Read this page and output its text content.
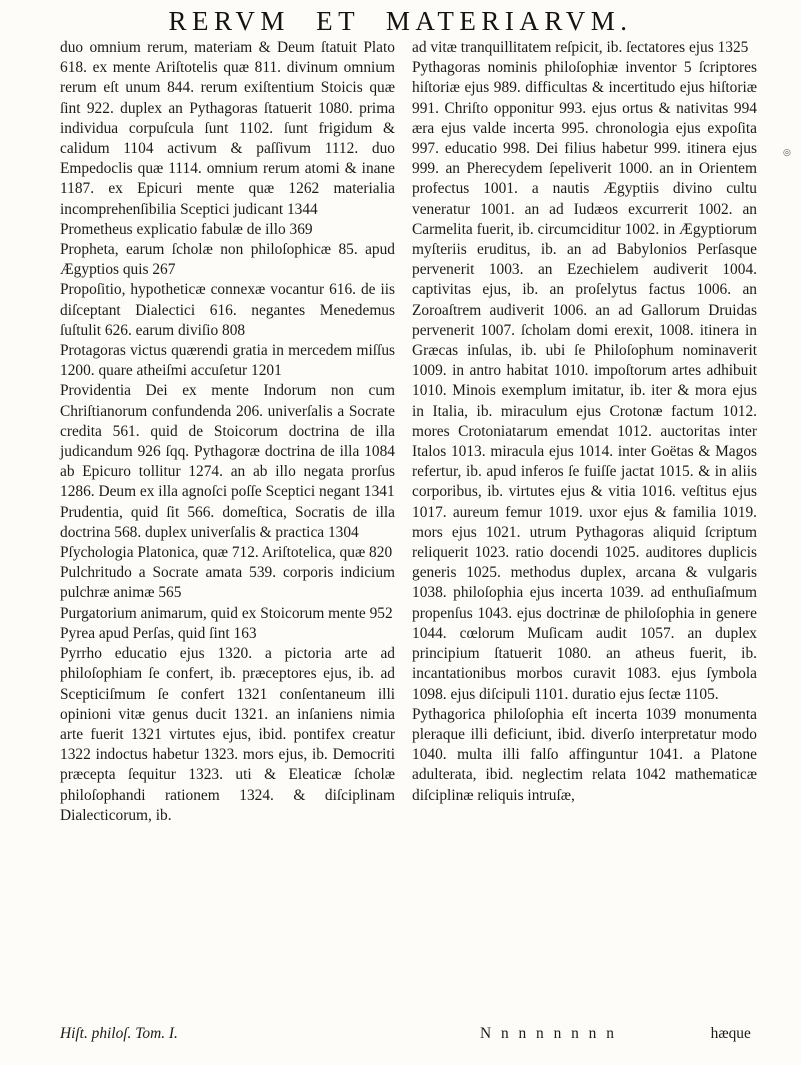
RERVM ET MATERIARVM.
duo omnium rerum, materiam & Deum ſtatuit Plato 618. ex mente Ariſtotelis quæ 811. divinum omnium rerum eſt unum 844. rerum exiſtentium Stoicis quæ ſint 922. duplex an Pythagoras ſtatuerit 1080. prima individua corpuſcula ſunt 1102. ſunt frigidum & calidum 1104 activum & paſſivum 1112. duo Empedoclis quæ 1114. omnium rerum atomi & inane 1187. ex Epicuri mente quæ 1262 materialia incomprehenſibilia Sceptici judicant 1344
Prometheus explicatio fabulæ de illo 369
Propheta, earum ſcholæ non philoſophicæ 85. apud Ægyptios quis 267
Propoſitio, hypotheticæ connexæ vocantur 616. de iis diſceptant Dialectici 616. negantes Menedemus ſuſtulit 626. earum diviſio 808
Protagoras victus quærendi gratia in mercedem miſſus 1200. quare atheiſmi accuſetur 1201
Providentia Dei ex mente Indorum non cum Chriſtianorum confundenda 206. univerſalis a Socrate credita 561. quid de Stoicorum doctrina de illa judicandum 926 ſqq. Pythagoræ doctrina de illa 1084 ab Epicuro tollitur 1274. an ab illo negata prorſus 1286. Deum ex illa agnoſci poſſe Sceptici negant 1341
Prudentia, quid ſit 566. domeſtica, Socratis de illa doctrina 568. duplex univerſalis & practica 1304
Pſychologia Platonica, quæ 712. Ariſtotelica, quæ 820
Pulchritudo a Socrate amata 539. corporis indicium pulchræ animæ 565
Purgatorium animarum, quid ex Stoicorum mente 952
Pyrea apud Perſas, quid ſint 163
Pyrrho educatio ejus 1320. a pictoria arte ad philoſophiam ſe confert, ib. præceptores ejus, ib. ad Scepticiſmum ſe confert 1321 conſentaneum illi opinioni vitæ genus ducit 1321. an inſaniens nimia arte fuerit 1321 virtutes ejus, ibid. pontifex creatur 1322 indoctus habetur 1323. mors ejus, ib. Democriti præcepta ſequitur 1323. uti & Eleaticæ ſcholæ philoſophandi rationem 1324. & diſciplinam Dialecticorum, ib.
ad vitæ tranquillitatem reſpicit, ib. ſectatores ejus 1325
Pythagoras nominis philoſophiæ inventor 5 ſcriptores hiſtoriæ ejus 989. difficultas & incertitudo ejus hiſtoriæ 991. Chriſto opponitur 993. ejus ortus & nativitas 994 æra ejus valde incerta 995. chronologia ejus expoſita 997. educatio 998. Dei filius habetur 999. itinera ejus 999. an Pherecydem ſepeliverit 1000. an in Orientem profectus 1001. a nautis Ægyptiis divino cultu veneratur 1001. an ad Iudæos excurrerit 1002. an Carmelita fuerit, ib. circumciditur 1002. in Ægyptiorum myſteriis eruditus, ib. an ad Babylonios Perſasque pervenerit 1003. an Ezechielem audiverit 1004. captivitas ejus, ib. an proſelytus factus 1006. an Zoroaſtrem audiverit 1006. an ad Gallorum Druidas pervenerit 1007. ſcholam domi erexit, 1008. itinera in Græcas inſulas, ib. ubi ſe Philoſophum nominaverit 1009. in antro habitat 1010. impoſtorum artes adhibuit 1010. Minois exemplum imitatur, ib. iter & mora ejus in Italia, ib. miraculum ejus Crotonæ factum 1012. mores Crotoniatarum emendat 1012. auctoritas inter Italos 1013. miracula ejus 1014. inter Goëtas & Magos refertur, ib. apud inferos ſe fuiſſe jactat 1015. & in aliis corporibus, ib. virtutes ejus & vitia 1016. veſtitus ejus 1017. aureum femur 1019. uxor ejus & familia 1019. mors ejus 1021. utrum Pythagoras aliquid ſcriptum reliquerit 1023. ratio docendi 1025. auditores duplicis generis 1025. methodus duplex, arcana & vulgaris 1038. philoſophia ejus incerta 1039. ad enthuſiaſmum propenſus 1043. ejus doctrinæ de philoſophia in genere 1044. cœlorum Muſicam audit 1057. an duplex principium ſtatuerit 1080. an atheus fuerit, ib. incantationibus morbos curavit 1083. ejus ſymbola 1098. ejus diſcipuli 1101. duratio ejus ſectæ 1105.
Pythagorica philoſophia eſt incerta 1039 monumenta pleraque illi deficiunt, ibid. diverſo interpretatur modo 1040. multa illi falſo affinguntur 1041. a Platone adulterata, ibid. neglectim relata 1042 mathematicæ diſciplinæ reliquis intruſæ,
Hiſt. philoſ. Tom. I.	N n n n n n n n	hæque
◎
